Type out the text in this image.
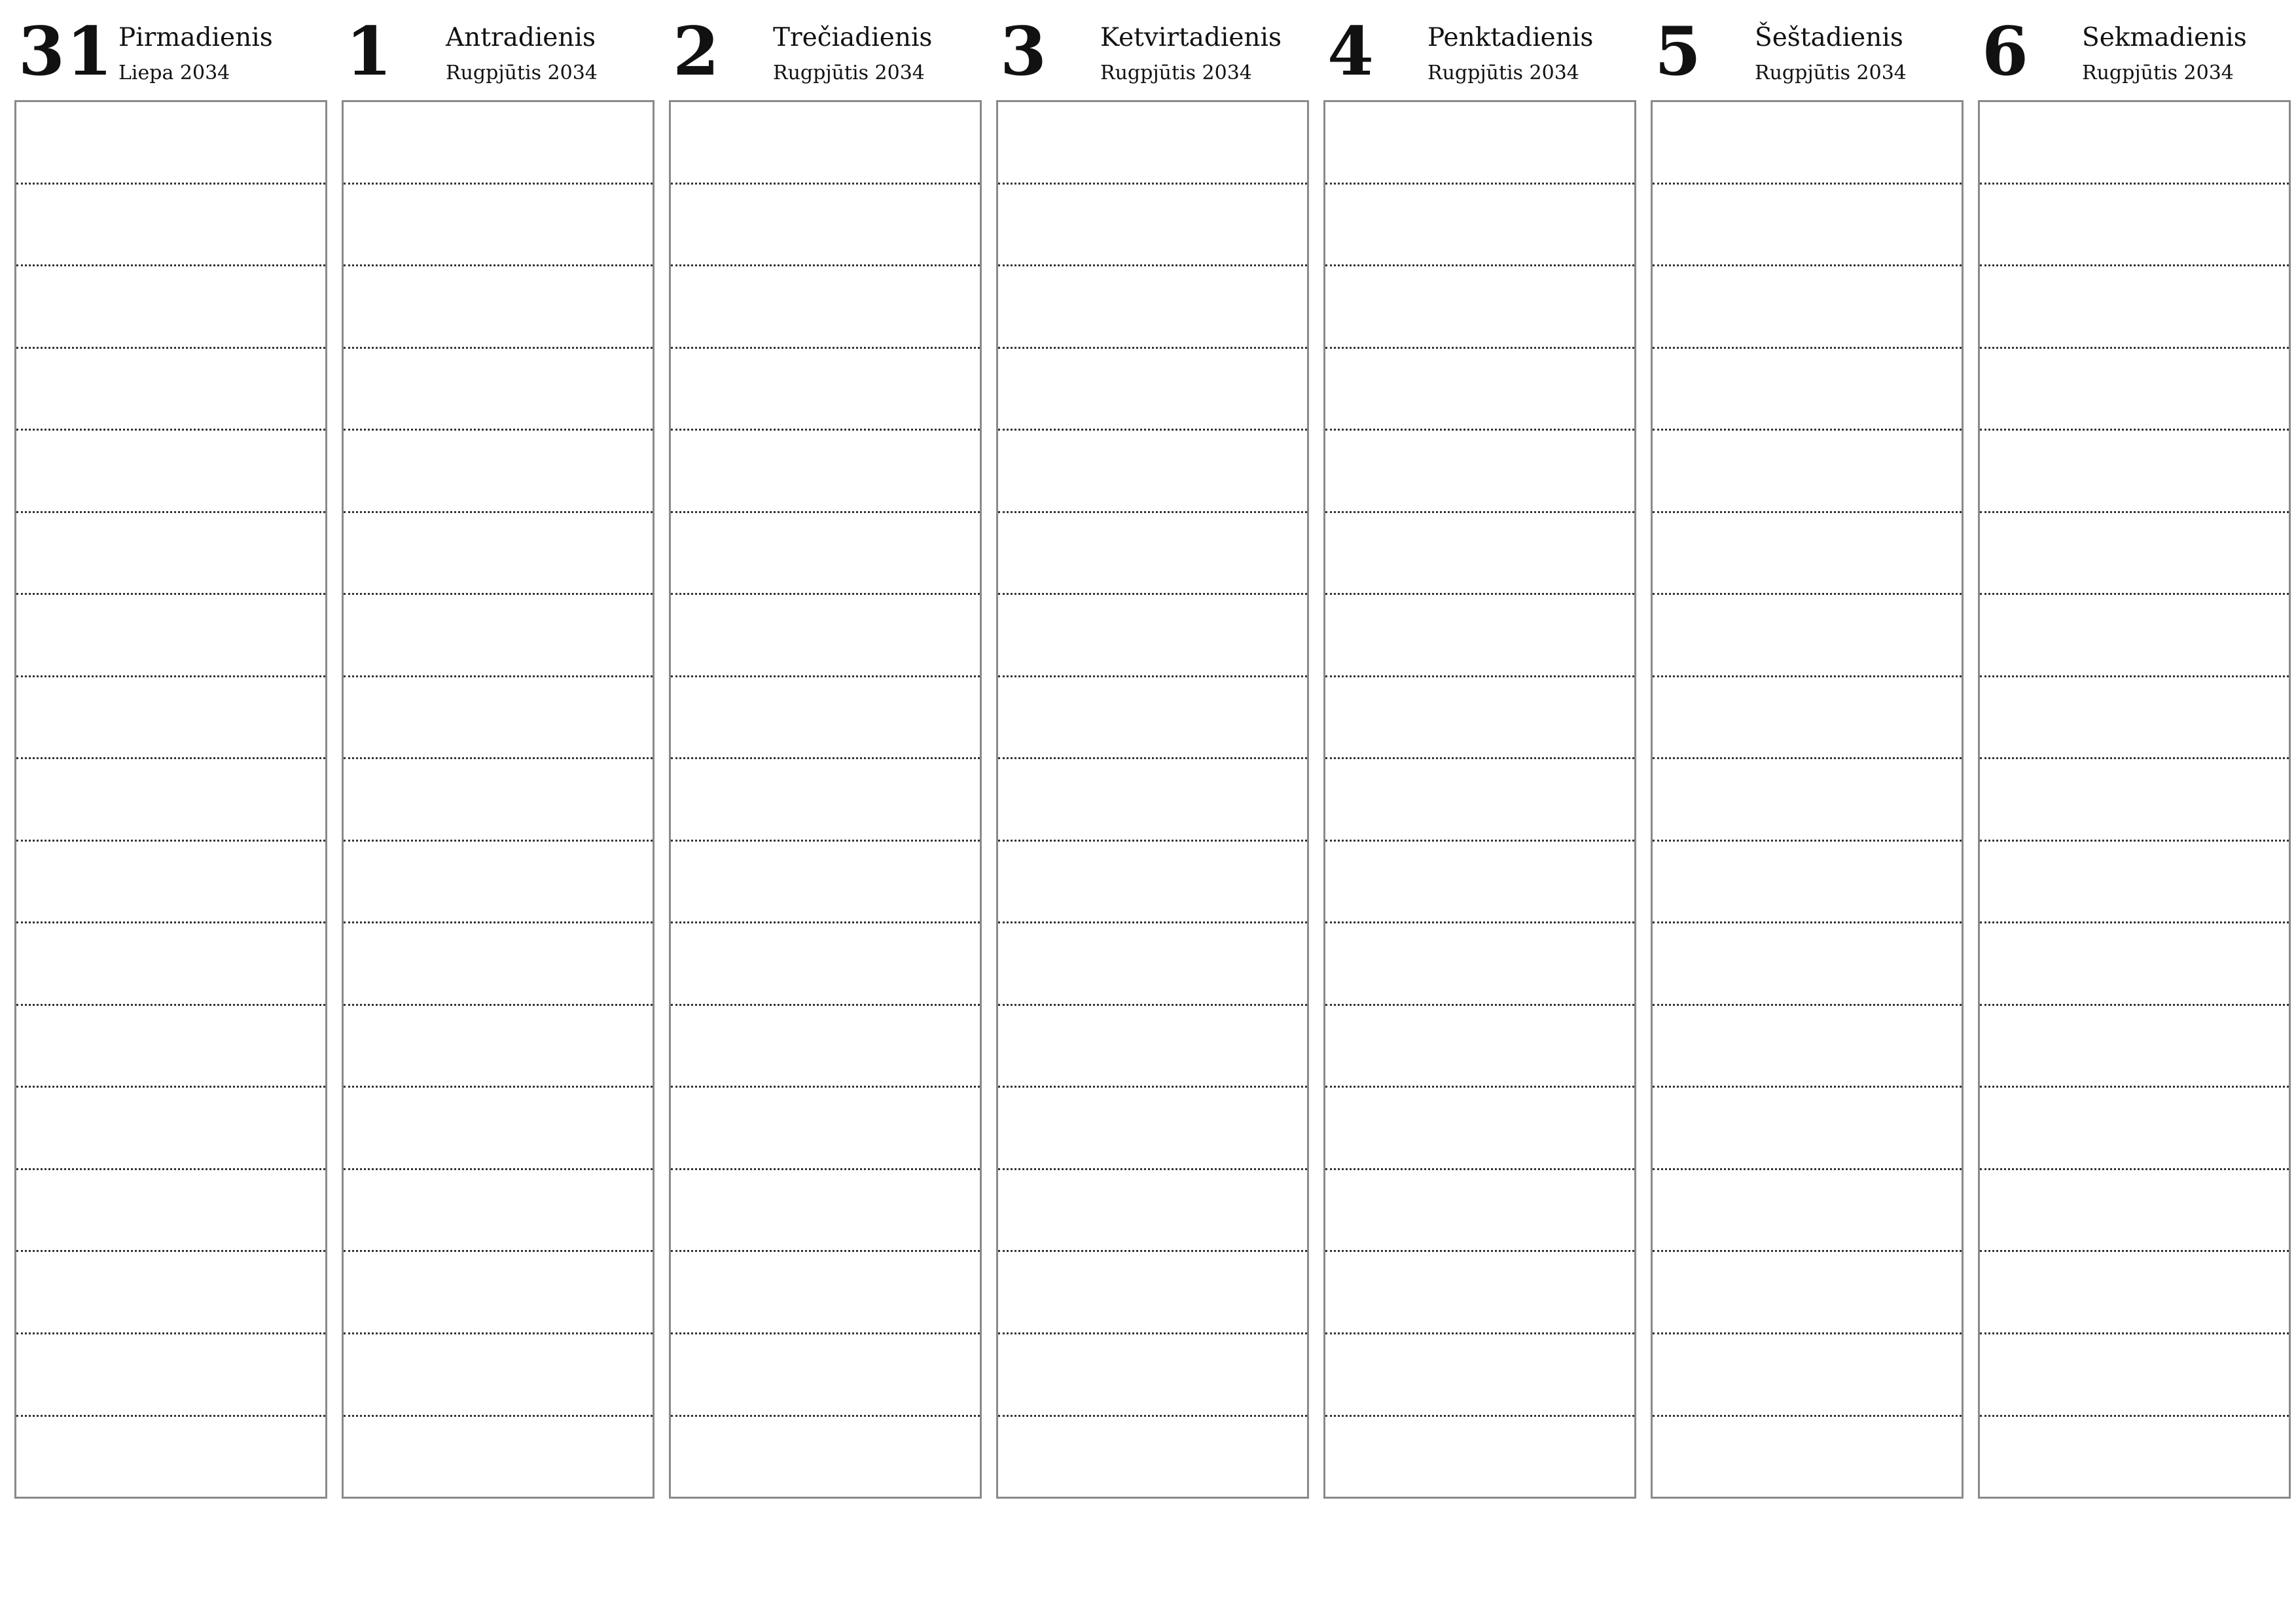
31 Pirmadienis
Liepa 2034 1 Antradienis
Rugpjūtis 2034 2 Trečiadienis
Rugpjūtis 2034 3 Ketvirtadienis
Rugpjūtis 2034 4 Penktadienis
Rugpjūtis 2034 5 Šeštadienis
Rugpjūtis 2034 6 Sekmadienis
Rugpjūtis 2034
